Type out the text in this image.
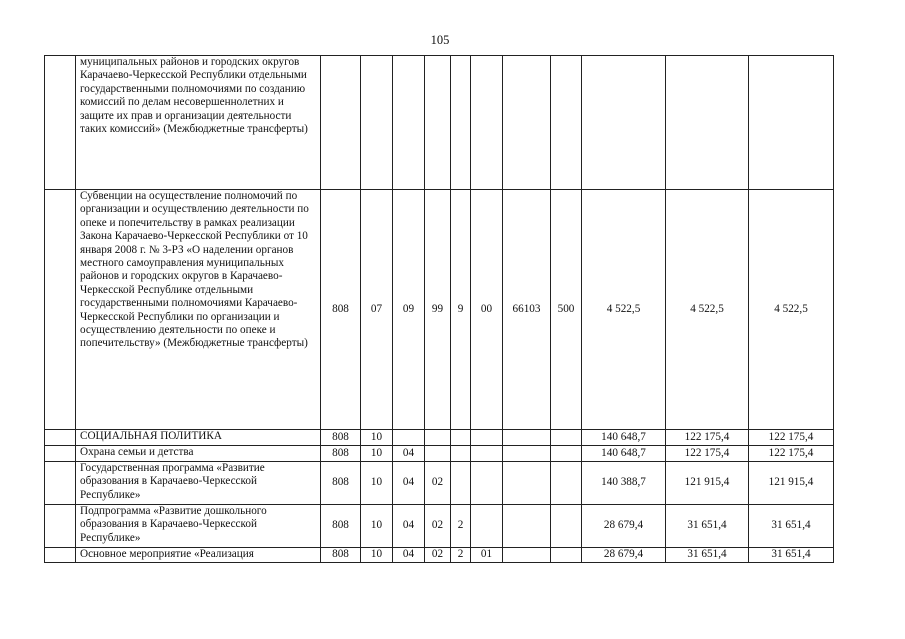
105
	муниципальных районов и городских округов Карачаево-Черкесской Республики отдельными государственными полномочиями по созданию комиссий по делам несовершеннолетних и защите их прав и организации деятельности таких комиссий» (Межбюджетные трансферты)											
	Субвенции на осуществление полномочий по организации и осуществлению деятельности по опеке и попечительству в рамках реализации Закона Карачаево-Черкесской Республики от 10 января 2008 г. № 3-РЗ «О наделении органов местного самоуправления муниципальных районов и городских округов в Карачаево-Черкесской Республике отдельными государственными полномочиями Карачаево-Черкесской Республики по организации и осуществлению деятельности по опеке и попечительству» (Межбюджетные трансферты)	808	07	09	99	9	00	66103	500	4 522,5	4 522,5	4 522,5
	СОЦИАЛЬНАЯ ПОЛИТИКА	808	10							140 648,7	122 175,4	122 175,4
	Охрана семьи и детства	808	10	04						140 648,7	122 175,4	122 175,4
	Государственная программа «Развитие образования в Карачаево-Черкесской Республике»	808	10	04	02					140 388,7	121 915,4	121 915,4
	Подпрограмма «Развитие дошкольного образования в Карачаево-Черкесской Республике»	808	10	04	02	2				28 679,4	31 651,4	31 651,4
	Основное мероприятие «Реализация	808	10	04	02	2	01			28 679,4	31 651,4	31 651,4
